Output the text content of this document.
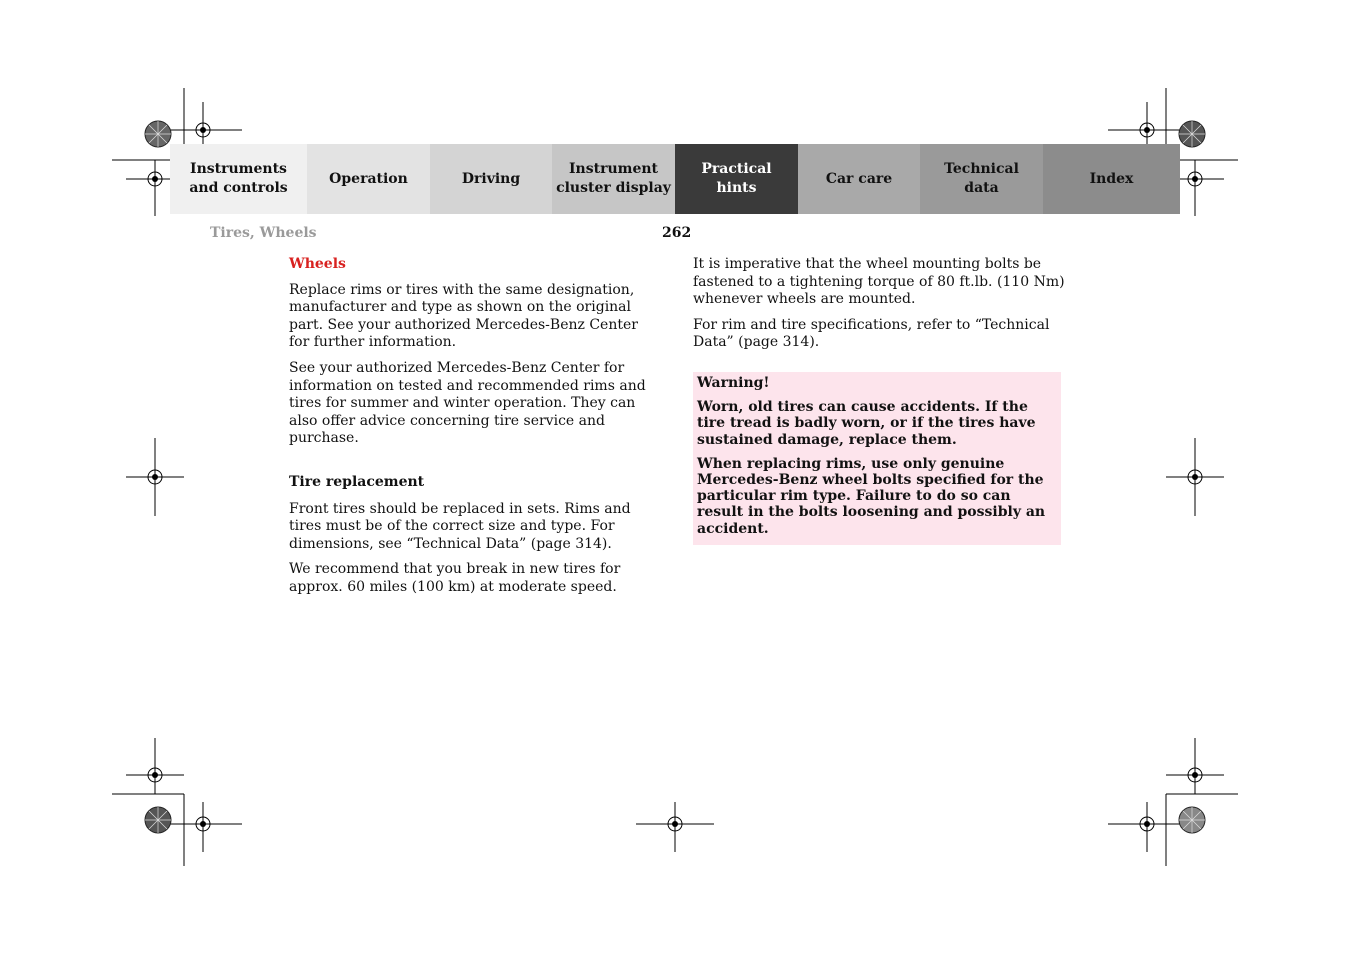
Instruments
and controls
Operation	Driving
Instrument
cluster display
Practical hints
Car care
Technical
data
Index
Tires, Wheels	262
Wheels

Replace rims or tires with the same designation, manufacturer and type as shown on the original part. See your authorized Mercedes-Benz Center for further information.

See your authorized Mercedes-Benz Center for information on tested and recommended rims and tires for summer and winter operation. They can also offer advice concerning tire service and purchase.

Tire replacement

Front tires should be replaced in sets. Rims and tires must be of the correct size and type. For dimensions, see “Technical Data” (page 314).

We recommend that you break in new tires for approx. 60 miles (100 km) at moderate speed.

It is imperative that the wheel mounting bolts be fastened to a tightening torque of 80 ft.lb. (110 Nm) whenever wheels are mounted.

For rim and tire specifications, refer to “Technical Data” (page 314).

Warning!
Worn, old tires can cause accidents. If the tire tread is badly worn, or if the tires have sustained damage, replace them.
When replacing rims, use only genuine Mercedes-Benz wheel bolts specified for the particular rim type. Failure to do so can result in the bolts loosening and possibly an accident.
